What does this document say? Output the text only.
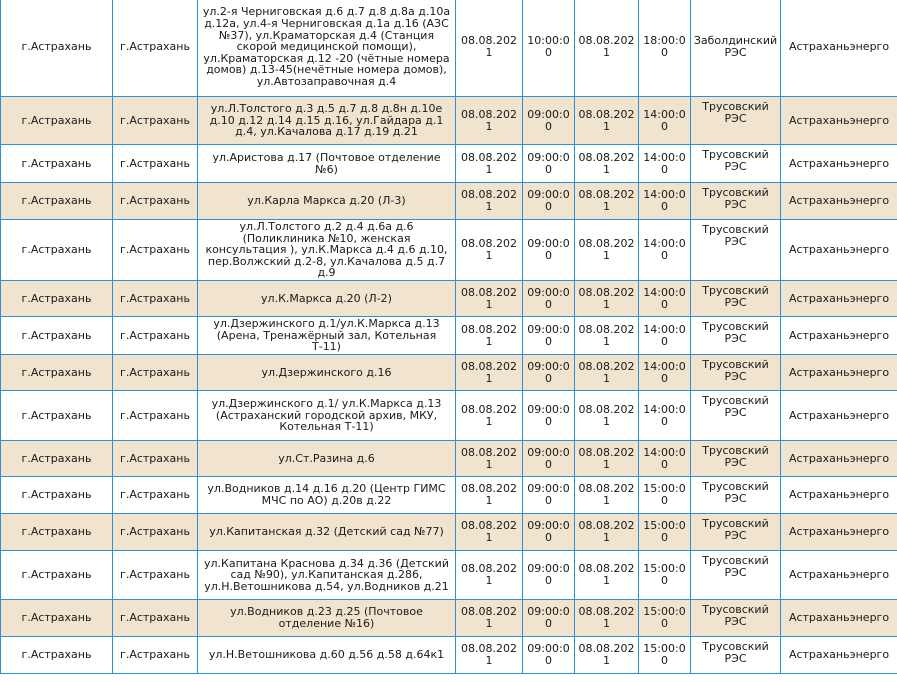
г.Астрахань	г.Астрахань	ул.2-я Черниговская д.6 д.7 д.8 д.8а д.10а д.12а, ул.4-я Черниговская д.1а д.16 (АЗС №37), ул.Краматорская д.4 (Станция скорой медицинской помощи), ул.Краматорская д.12 -20 (чётные номера домов) д.13-45(нечётные номера домов), ул.Автозаправочная д.4	08.08.2021	10:00:00	08.08.2021	18:00:00	Заболдинский РЭС	Астраханьэнерго
г.Астрахань	г.Астрахань	ул.Л.Толстого д.3 д.5 д.7 д.8 д.8н д.10е д.10 д.12 д.14 д.15 д.16, ул.Гайдара д.1 д.4, ул.Качалова д.17 д.19 д.21	08.08.2021	09:00:00	08.08.2021	14:00:00	Трусовский РЭС	Астраханьэнерго
г.Астрахань	г.Астрахань	ул.Аристова д.17 (Почтовое отделение №6)	08.08.2021	09:00:00	08.08.2021	14:00:00	Трусовский РЭС	Астраханьэнерго
г.Астрахань	г.Астрахань	ул.Карла Маркса д.20 (Л-3)	08.08.2021	09:00:00	08.08.2021	14:00:00	Трусовский РЭС	Астраханьэнерго
г.Астрахань	г.Астрахань	ул.Л.Толстого д.2 д.4 д.6а д.6 (Поликлиника №10, женская консультация ), ул.К.Маркса д.4 д.6 д.10, пер.Волжский д.2-8, ул.Качалова д.5 д.7 д.9	08.08.2021	09:00:00	08.08.2021	14:00:00	Трусовский РЭС	Астраханьэнерго
г.Астрахань	г.Астрахань	ул.К.Маркса д.20 (Л-2)	08.08.2021	09:00:00	08.08.2021	14:00:00	Трусовский РЭС	Астраханьэнерго
г.Астрахань	г.Астрахань	ул.Дзержинского д.1/ул.К.Маркса д.13 (Арена, Тренажёрный зал, Котельная Т-11)	08.08.2021	09:00:00	08.08.2021	14:00:00	Трусовский РЭС	Астраханьэнерго
г.Астрахань	г.Астрахань	ул.Дзержинского д.16	08.08.2021	09:00:00	08.08.2021	14:00:00	Трусовский РЭС	Астраханьэнерго
г.Астрахань	г.Астрахань	ул.Дзержинского д.1/ ул.К.Маркса д.13 (Астраханский городской архив, МКУ, Котельная Т-11)	08.08.2021	09:00:00	08.08.2021	14:00:00	Трусовский РЭС	Астраханьэнерго
г.Астрахань	г.Астрахань	ул.Ст.Разина д.6	08.08.2021	09:00:00	08.08.2021	14:00:00	Трусовский РЭС	Астраханьэнерго
г.Астрахань	г.Астрахань	ул.Водников д.14 д.16 д.20 (Центр ГИМС МЧС по АО) д.20в д.22	08.08.2021	09:00:00	08.08.2021	15:00:00	Трусовский РЭС	Астраханьэнерго
г.Астрахань	г.Астрахань	ул.Капитанская д.32 (Детский сад №77)	08.08.2021	09:00:00	08.08.2021	15:00:00	Трусовский РЭС	Астраханьэнерго
г.Астрахань	г.Астрахань	ул.Капитана Краснова д.34 д.36 (Детский сад №90), ул.Капитанская д.286, ул.Н.Ветошникова д.54, ул.Водников д.21	08.08.2021	09:00:00	08.08.2021	15:00:00	Трусовский РЭС	Астраханьэнерго
г.Астрахань	г.Астрахань	ул.Водников д.23 д.25 (Почтовое отделение №16)	08.08.2021	09:00:00	08.08.2021	15:00:00	Трусовский РЭС	Астраханьэнерго
г.Астрахань	г.Астрахань	ул.Н.Ветошникова д.60 д.56 д.58 д.64к1	08.08.2021	09:00:00	08.08.2021	15:00:00	Трусовский РЭС	Астраханьэнерго
